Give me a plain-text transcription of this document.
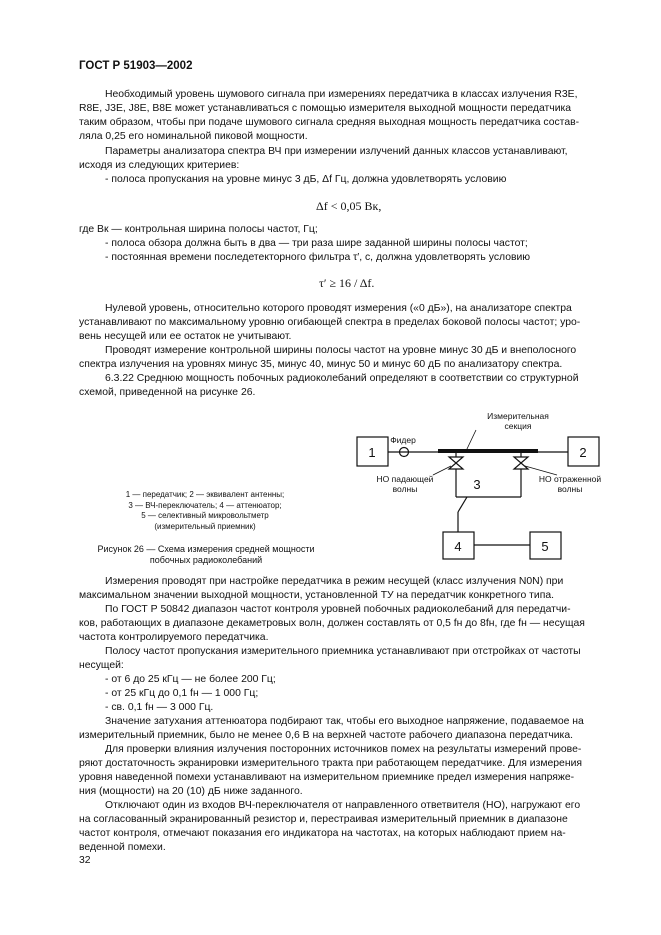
ГОСТ Р 51903—2002
Необходимый уровень шумового сигнала при измерениях передатчика в классах излучения R3E,
R8E, J3E, J8E, B8E может устанавливаться с помощью измерителя выходной мощности передатчика
таким образом, чтобы при подаче шумового сигнала средняя выходная мощность передатчика состав-
ляла 0,25 его номинальной пиковой мощности.
Параметры анализатора спектра ВЧ при измерении излучений данных классов устанавливают,
исходя из следующих критериев:
- полоса пропускания на уровне минус 3 дБ, Δf Гц, должна удовлетворять условию
Δf < 0,05 Bк,
где Bк — контрольная ширина полосы частот, Гц;
- полоса обзора должна быть в два — три раза шире заданной ширины полосы частот;
- постоянная времени последетекторного фильтра τ′, с, должна удовлетворять условию
τ′ ≥ 16 / Δf.
Нулевой уровень, относительно которого проводят измерения («0 дБ»), на анализаторе спектра
устанавливают по максимальному уровню огибающей спектра в пределах боковой полосы частот; уро-
вень несущей или ее остаток не учитывают.
Проводят измерение контрольной ширины полосы частот на уровне минус 30 дБ и внеполосного
спектра излучения на уровнях минус 35, минус 40, минус 50 и минус 60 дБ по анализатору спектра.
6.3.22 Среднюю мощность побочных радиоколебаний определяют в соответствии со структурной
схемой, приведенной на рисунке 26.
1	2
3
4	5
Фидер
Измерительная
секция
НО падающей
волны
НО отраженной
волны
1 — передатчик; 2 — эквивалент антенны;
3 — ВЧ-переключатель; 4 — аттенюатор;
5 — селективный микровольтметр
(измерительный приемник)
Рисунок 26 — Схема измерения средней мощности
побочных радиоколебаний
Измерения проводят при настройке передатчика в режим несущей (класс излучения N0N) при
максимальном значении выходной мощности, установленной ТУ на передатчик конкретного типа.
По ГОСТ Р 50842 диапазон частот контроля уровней побочных радиоколебаний для передатчи-
ков, работающих в диапазоне декаметровых волн, должен составлять от 0,5 fн до 8fн, где fн — несущая
частота контролируемого передатчика.
Полосу частот пропускания измерительного приемника устанавливают при отстройках от частоты
несущей:
- от 6 до 25 кГц — не более 200 Гц;
- от 25 кГц до 0,1 fн — 1 000 Гц;
- св. 0,1 fн — 3 000 Гц.
Значение затухания аттенюатора подбирают так, чтобы его выходное напряжение, подаваемое на
измерительный приемник, было не менее 0,6 В на верхней частоте рабочего диапазона передатчика.
Для проверки влияния излучения посторонних источников помех на результаты измерений прове-
ряют достаточность экранировки измерительного тракта при работающем передатчике. Для измерения
уровня наведенной помехи устанавливают на измерительном приемнике предел измерения напряже-
ния (мощности) на 20 (10) дБ ниже заданного.
Отключают один из входов ВЧ-переключателя от направленного ответвителя (НО), нагружают его
на согласованный экранированный резистор и, перестраивая измерительный приемник в диапазоне
частот контроля, отмечают показания его индикатора на частотах, на которых наблюдают прием на-
веденной помехи.
32
